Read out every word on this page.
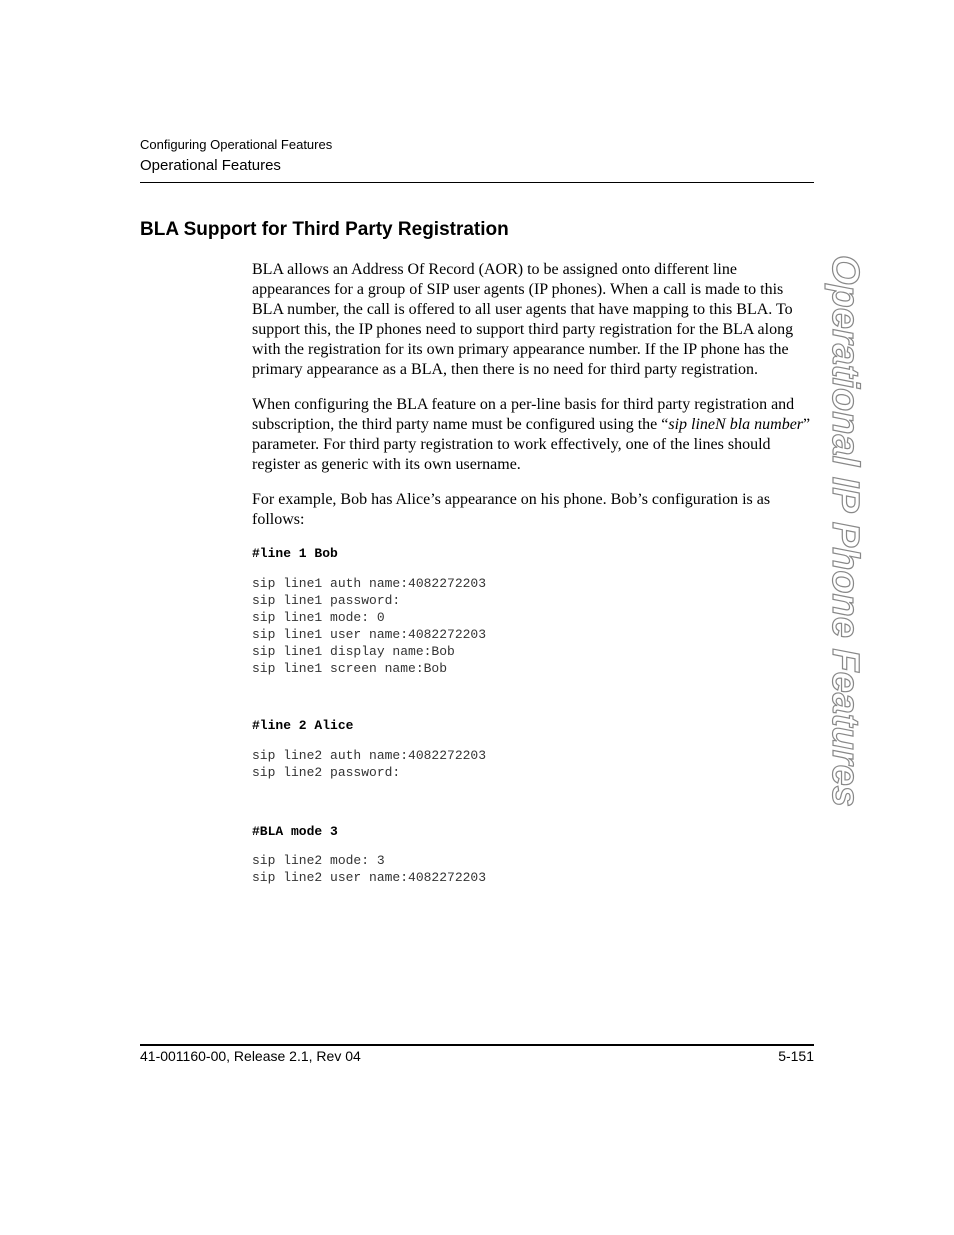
Configuring Operational Features
Operational Features
BLA Support for Third Party Registration

BLA allows an Address Of Record (AOR) to be assigned onto different line appearances for a group of SIP user agents (IP phones). When a call is made to this BLA number, the call is offered to all user agents that have mapping to this BLA. To support this, the IP phones need to support third party registration for the BLA along with the registration for its own primary appearance number. If the IP phone has the primary appearance as a BLA, then there is no need for third party registration.

When configuring the BLA feature on a per-line basis for third party registration and subscription, the third party name must be configured using the “sip lineN bla number” parameter. For third party registration to work effectively, one of the lines should register as generic with its own username.

For example, Bob has Alice’s appearance on his phone. Bob’s configuration is as follows:

#line 1 Bob
sip line1 auth name:4082272203
sip line1 password:
sip line1 mode: 0
sip line1 user name:4082272203
sip line1 display name:Bob
sip line1 screen name:Bob
#line 2 Alice
sip line2 auth name:4082272203
sip line2 password:
#BLA mode 3
sip line2 mode: 3
sip line2 user name:4082272203
Operational IP Phone Features
41-001160-00, Release 2.1, Rev 04	5-151
